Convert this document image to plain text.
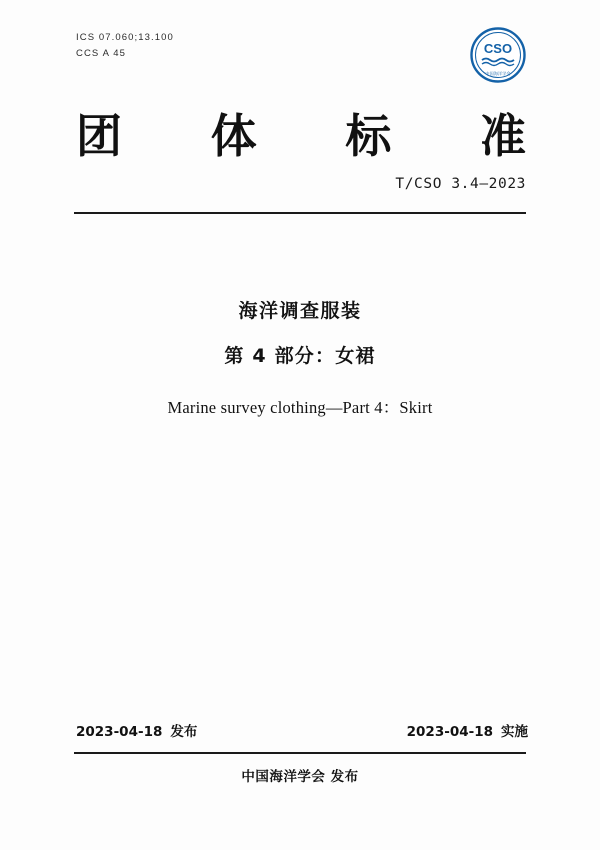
ICS 07.060;13.100
CCS A 45	CSO
中国海洋学会
团 体 标 准
T/CSO 3.4—2023
海洋调查服装
第 4 部分：女裙
Marine survey clothing—Part 4：Skirt
2023-04-18 发布	2023-04-18 实施
中国海洋学会 发布
